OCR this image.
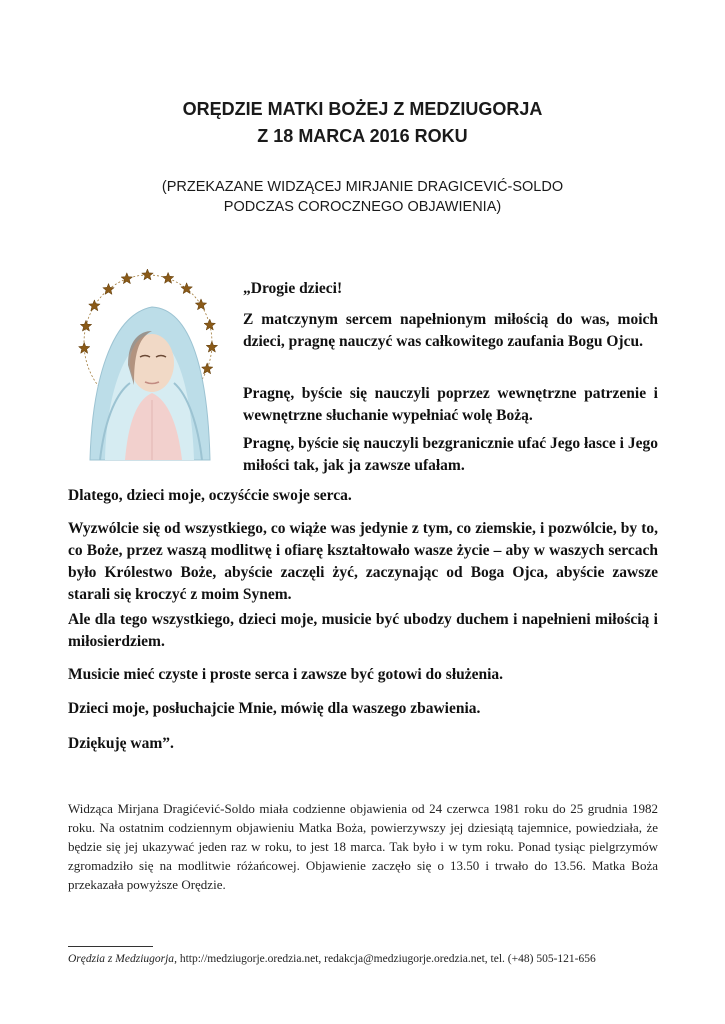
ORĘDZIE MATKI BOŻEJ Z MEDZIUGORJA
Z 18 MARCA 2016 ROKU
(PRZEKAZANE WIDZĄCEJ MIRJANIE DRAGICEVIĆ-SOLDO
PODCZAS COROCZNEGO OBJAWIENIA)

„Drogie dzieci!

Z matczynym sercem napełnionym miłością do was, moich dzieci, pragnę nauczyć was całkowitego zaufania Bogu Ojcu.

Pragnę, byście się nauczyli poprzez wewnętrzne patrzenie i wewnętrzne słuchanie wypełniać wolę Bożą.

Pragnę, byście się nauczyli bezgranicznie ufać Jego łasce i Jego miłości tak, jak ja zawsze ufałam.

Dlatego, dzieci moje, oczyśćcie swoje serca.

Wyzwólcie się od wszystkiego, co wiąże was jedynie z tym, co ziemskie, i pozwólcie, by to, co Boże, przez waszą modlitwę i ofiarę kształtowało wasze życie – aby w waszych sercach było Królestwo Boże, abyście zaczęli żyć, zaczynając od Boga Ojca, abyście zawsze starali się kroczyć z moim Synem.

Ale dla tego wszystkiego, dzieci moje, musicie być ubodzy duchem i napełnieni miłością i miłosierdziem.

Musicie mieć czyste i proste serca i zawsze być gotowi do służenia.

Dzieci moje, posłuchajcie Mnie, mówię dla waszego zbawienia.

Dziękuję wam”.

Widząca Mirjana Dragićević-Soldo miała codzienne objawienia od 24 czerwca 1981 roku do 25 grudnia 1982 roku. Na ostatnim codziennym objawieniu Matka Boża, powierzywszy jej dziesiątą tajemnice, powiedziała, że będzie się jej ukazywać jeden raz w roku, to jest 18 marca. Tak było i w tym roku. Ponad tysiąc pielgrzymów zgromadziło się na modlitwie różańcowej. Objawienie zaczęło się o 13.50 i trwało do 13.56. Matka Boża przekazała powyższe Orędzie.

Orędzia z Medziugorja, http://medziugorje.oredzia.net, redakcja@medziugorje.oredzia.net, tel. (+48) 505-121-656
